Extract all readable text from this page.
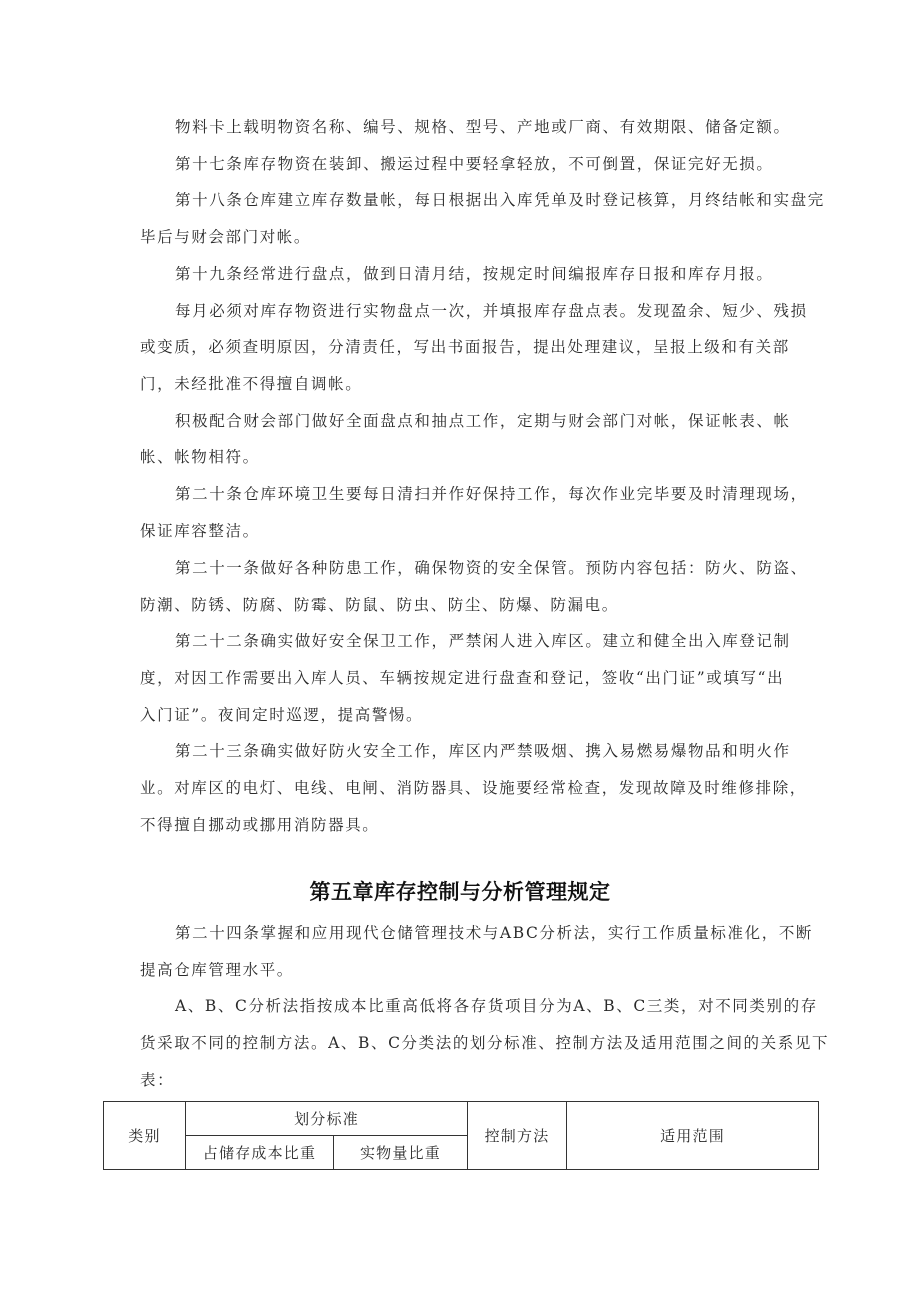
物料卡上载明物资名称、编号、规格、型号、产地或厂商、有效期限、储备定额。
第十七条库存物资在装卸、搬运过程中要轻拿轻放，不可倒置，保证完好无损。
第十八条仓库建立库存数量帐，每日根据出入库凭单及时登记核算，月终结帐和实盘完
毕后与财会部门对帐。
第十九条经常进行盘点，做到日清月结，按规定时间编报库存日报和库存月报。
每月必须对库存物资进行实物盘点一次，并填报库存盘点表。发现盈余、短少、残损
或变质，必须查明原因，分清责任，写出书面报告，提出处理建议，呈报上级和有关部
门，未经批准不得擅自调帐。
积极配合财会部门做好全面盘点和抽点工作，定期与财会部门对帐，保证帐表、帐
帐、帐物相符。
第二十条仓库环境卫生要每日清扫并作好保持工作，每次作业完毕要及时清理现场，
保证库容整洁。
第二十一条做好各种防患工作，确保物资的安全保管。预防内容包括：防火、防盗、
防潮、防锈、防腐、防霉、防鼠、防虫、防尘、防爆、防漏电。
第二十二条确实做好安全保卫工作，严禁闲人进入库区。建立和健全出入库登记制
度，对因工作需要出入库人员、车辆按规定进行盘查和登记，签收“出门证”或填写“出
入门证”。夜间定时巡逻，提高警惕。
第二十三条确实做好防火安全工作，库区内严禁吸烟、携入易燃易爆物品和明火作
业。对库区的电灯、电线、电闸、消防器具、设施要经常检查，发现故障及时维修排除，
不得擅自挪动或挪用消防器具。
第五章库存控制与分析管理规定
第二十四条掌握和应用现代仓储管理技术与ABC分析法，实行工作质量标准化，不断
提高仓库管理水平。
A、B、C分析法指按成本比重高低将各存货项目分为A、B、C三类，对不同类别的存
货采取不同的控制方法。A、B、C分类法的划分标准、控制方法及适用范围之间的关系见下
表：
类别	划分标准		控制方法	适用范围
	占储存成本比重	实物量比重		
